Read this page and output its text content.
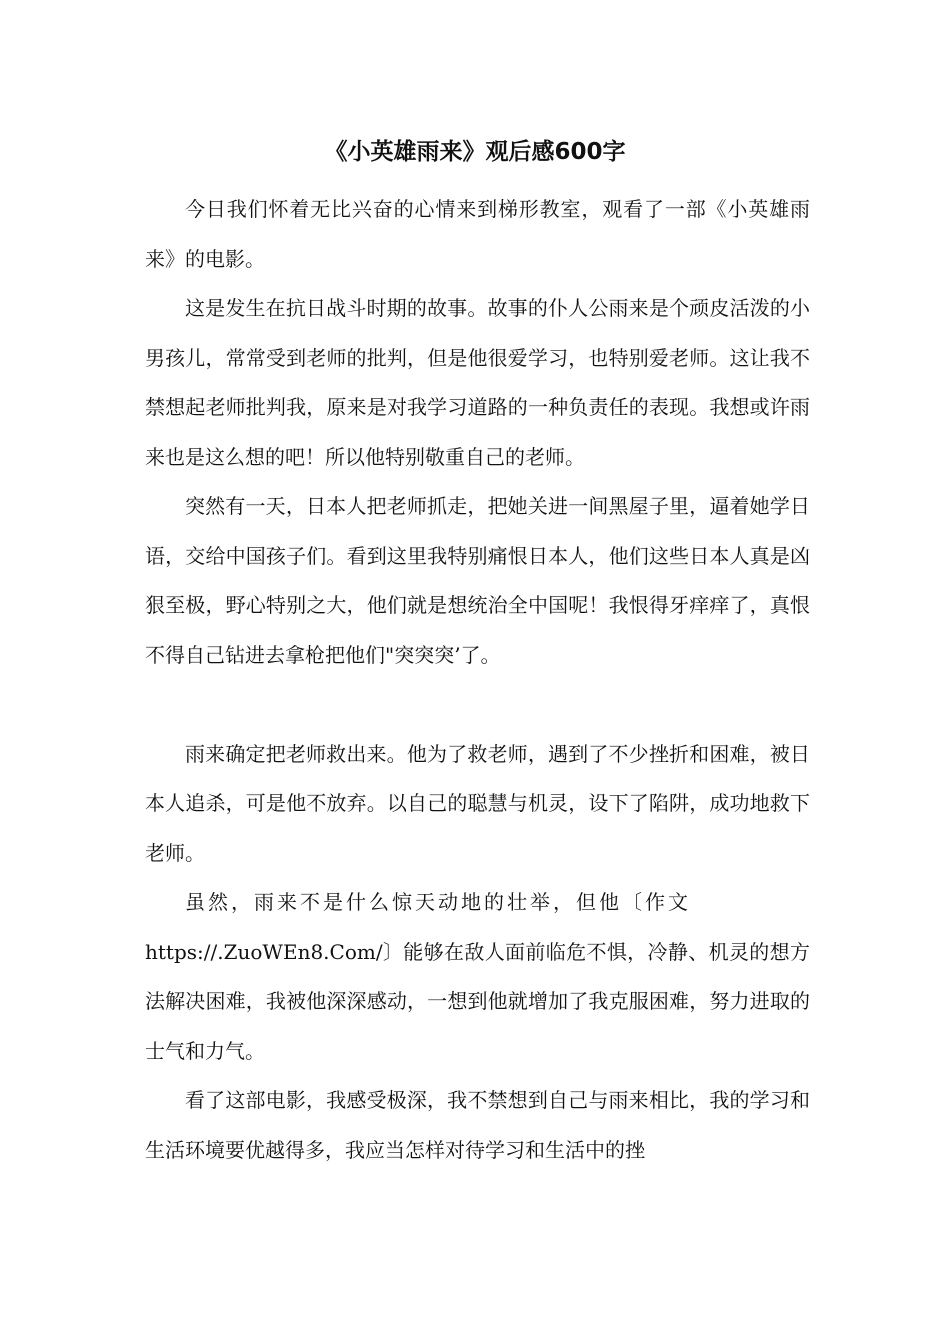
《小英雄雨来》观后感600字

今日我们怀着无比兴奋的心情来到梯形教室，观看了一部《小英雄雨来》的电影。

这是发生在抗日战斗时期的故事。故事的仆人公雨来是个顽皮活泼的小男孩儿，常常受到老师的批判，但是他很爱学习，也特别爱老师。这让我不禁想起老师批判我，原来是对我学习道路的一种负责任的表现。我想或许雨来也是这么想的吧！所以他特别敬重自己的老师。

突然有一天，日本人把老师抓走，把她关进一间黑屋子里，逼着她学日语，交给中国孩子们。看到这里我特别痛恨日本人，他们这些日本人真是凶狠至极，野心特别之大，他们就是想统治全中国呢！我恨得牙痒痒了，真恨不得自己钻进去拿枪把他们"突突突’了。

雨来确定把老师救出来。他为了救老师，遇到了不少挫折和困难，被日本人追杀，可是他不放弃。以自己的聪慧与机灵，设下了陷阱，成功地救下老师。

虽然，雨来不是什么惊天动地的壮举，但他〔作文

https://.ZuoWEn8.Com/〕能够在敌人面前临危不惧，冷静、机灵的想方法解决困难，我被他深深感动，一想到他就增加了我克服困难，努力进取的士气和力气。

看了这部电影，我感受极深，我不禁想到自己与雨来相比，我的学习和生活环境要优越得多，我应当怎样对待学习和生活中的挫
